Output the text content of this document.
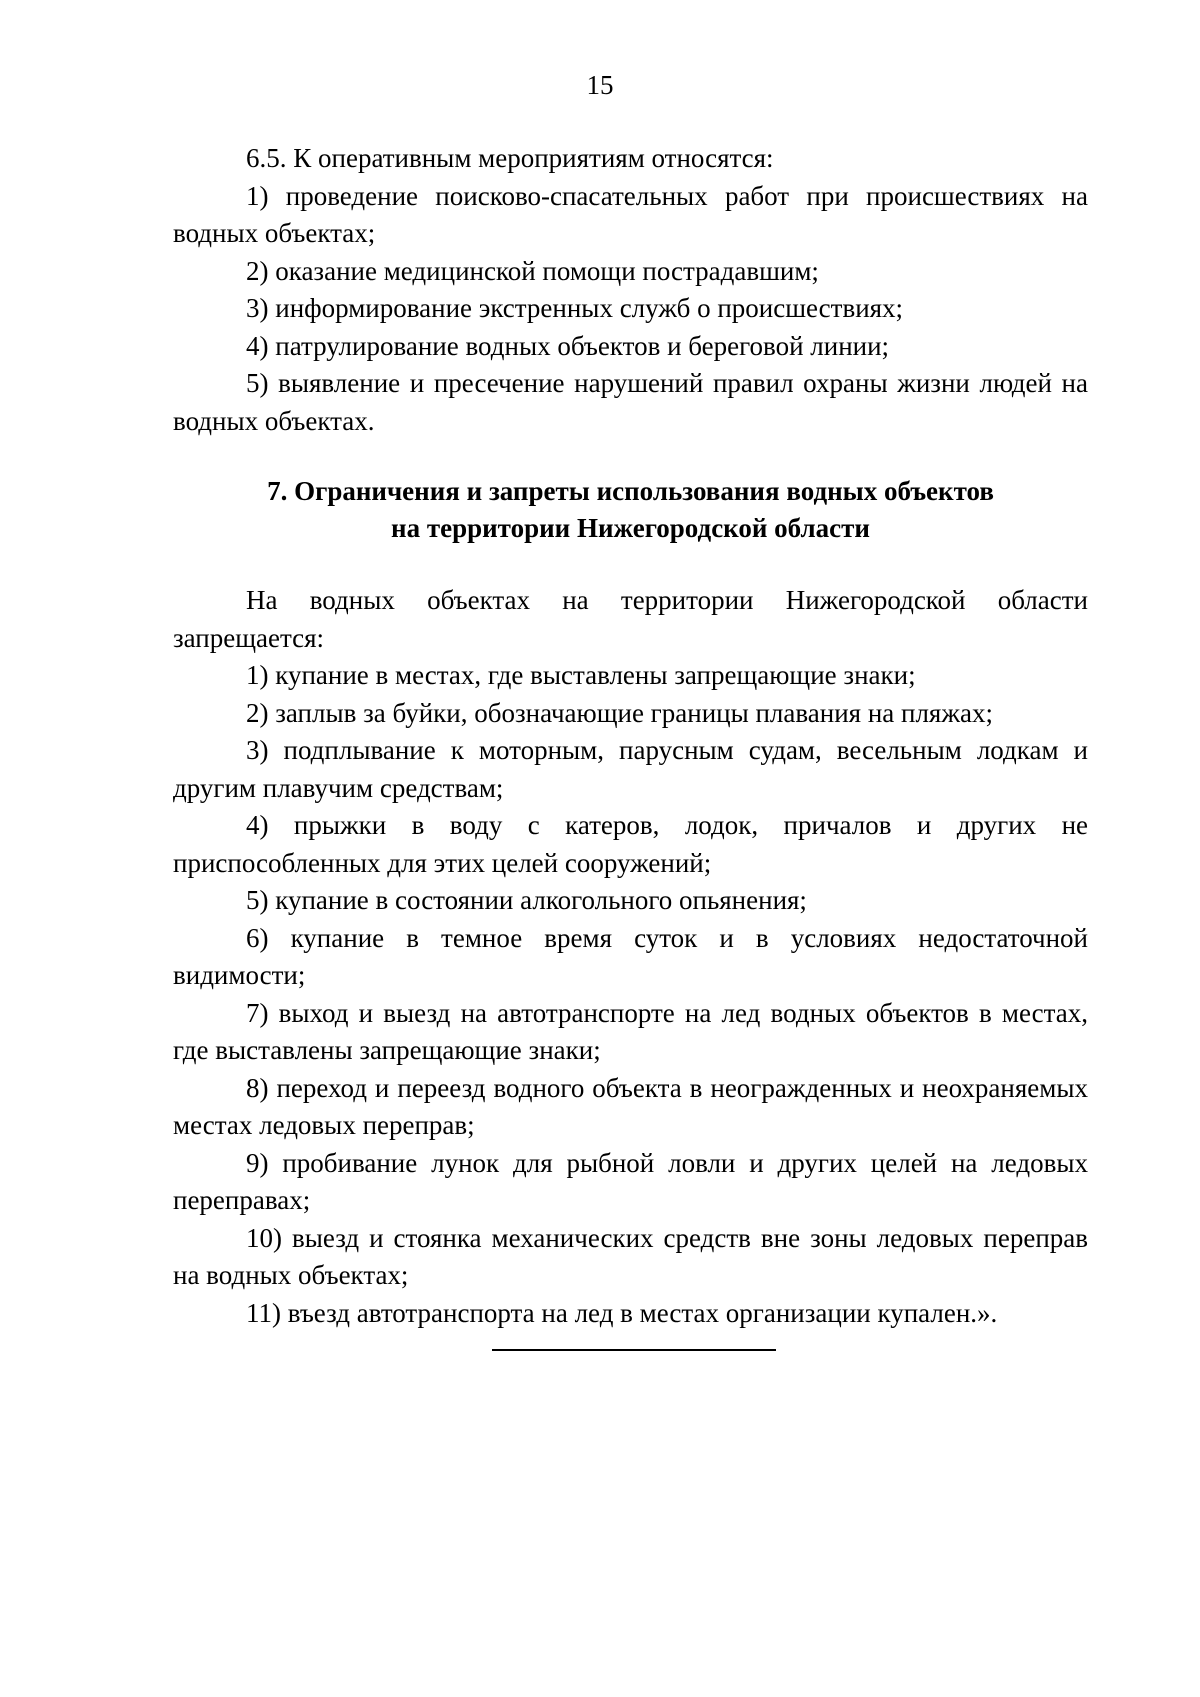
15

6.5. К оперативным мероприятиям относятся:

1) проведение поисково-спасательных работ при происшествиях на водных объектах;

2) оказание медицинской помощи пострадавшим;

3) информирование экстренных служб о происшествиях;

4) патрулирование водных объектов и береговой линии;

5) выявление и пресечение нарушений правил охраны жизни людей на водных объектах.

7. Ограничения и запреты использования водных объектов
на территории Нижегородской области

На водных объектах на территории Нижегородской области запрещается:

1) купание в местах, где выставлены запрещающие знаки;

2) заплыв за буйки, обозначающие границы плавания на пляжах;

3) подплывание к моторным, парусным судам, весельным лодкам и другим плавучим средствам;

4) прыжки в воду с катеров, лодок, причалов и других не приспособленных для этих целей сооружений;

5) купание в состоянии алкогольного опьянения;

6) купание в темное время суток и в условиях недостаточной видимости;

7) выход и выезд на автотранспорте на лед водных объектов в местах, где выставлены запрещающие знаки;

8) переход и переезд водного объекта в неогражденных и неохраняемых местах ледовых переправ;

9) пробивание лунок для рыбной ловли и других целей на ледовых переправах;

10) выезд и стоянка механических средств вне зоны ледовых переправ на водных объектах;

11) въезд автотранспорта на лед в местах организации купален.».
